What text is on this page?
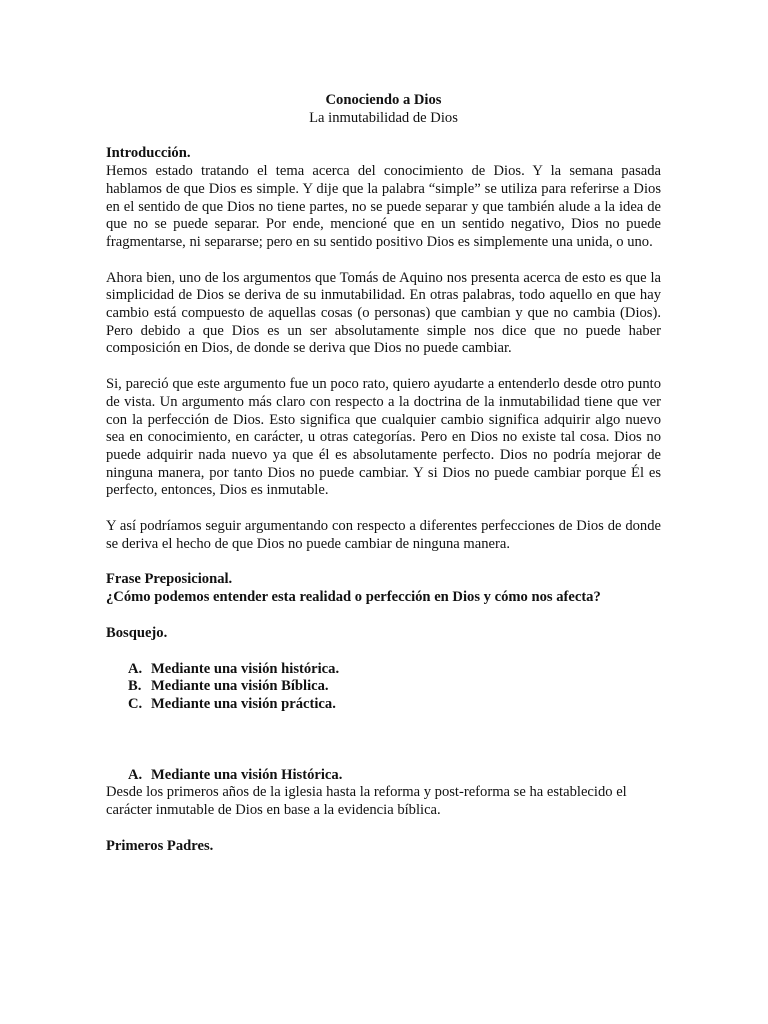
Conociendo a Dios
La inmutabilidad de Dios
Introducción.

Hemos estado tratando el tema acerca del conocimiento de Dios. Y la semana pasada hablamos de que Dios es simple. Y dije que la palabra “simple” se utiliza para referirse a Dios en el sentido de que Dios no tiene partes, no se puede separar y que también alude a la idea de que no se puede separar. Por ende, mencioné que en un sentido negativo, Dios no puede fragmentarse, ni separarse; pero en su sentido positivo Dios es simplemente una unida, o uno.

Ahora bien, uno de los argumentos que Tomás de Aquino nos presenta acerca de esto es que la simplicidad de Dios se deriva de su inmutabilidad. En otras palabras, todo aquello en que hay cambio está compuesto de aquellas cosas (o personas) que cambian y que no cambia (Dios). Pero debido a que Dios es un ser absolutamente simple nos dice que no puede haber composición en Dios, de donde se deriva que Dios no puede cambiar.

Si, pareció que este argumento fue un poco rato, quiero ayudarte a entenderlo desde otro punto de vista. Un argumento más claro con respecto a la doctrina de la inmutabilidad tiene que ver con la perfección de Dios. Esto significa que cualquier cambio significa adquirir algo nuevo sea en conocimiento, en carácter, u otras categorías. Pero en Dios no existe tal cosa. Dios no puede adquirir nada nuevo ya que él es absolutamente perfecto. Dios no podría mejorar de ninguna manera, por tanto Dios no puede cambiar. Y si Dios no puede cambiar porque Él es perfecto, entonces, Dios es inmutable.

Y así podríamos seguir argumentando con respecto a diferentes perfecciones de Dios de donde se deriva el hecho de que Dios no puede cambiar de ninguna manera.

Frase Preposicional.
¿Cómo podemos entender esta realidad o perfección en Dios y cómo nos afecta?
Bosquejo.
A. Mediante una visión histórica.
B. Mediante una visión Bíblica.
C. Mediante una visión práctica.
A. Mediante una visión Histórica.

Desde los primeros años de la iglesia hasta la reforma y post-reforma se ha establecido el carácter inmutable de Dios en base a la evidencia bíblica.

Primeros Padres.
